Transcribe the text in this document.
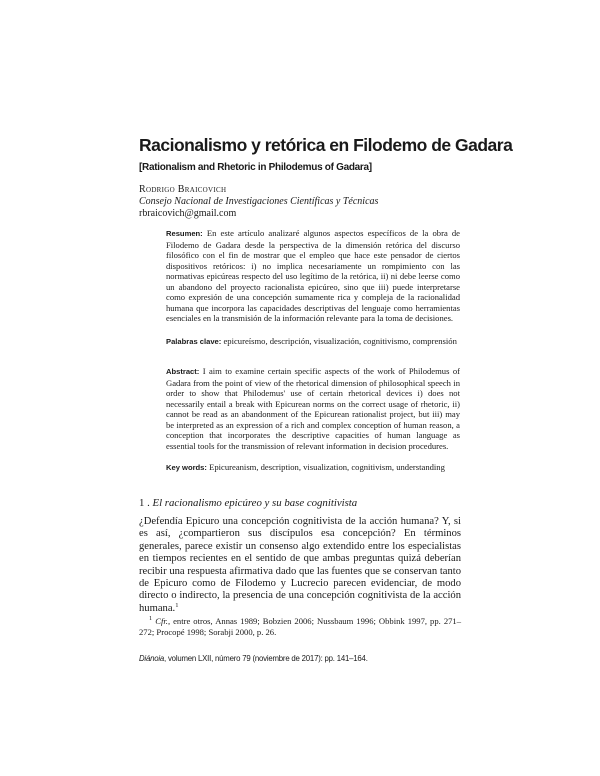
Racionalismo y retórica en Filodemo de Gadara
[Rationalism and Rhetoric in Philodemus of Gadara]
Rodrigo Braicovich
Consejo Nacional de Investigaciones Científicas y Técnicas
rbraicovich@gmail.com
Resumen: En este artículo analizaré algunos aspectos específicos de la obra de Filodemo de Gadara desde la perspectiva de la dimensión retórica del discurso filosófico con el fin de mostrar que el empleo que hace este pensador de ciertos dispositivos retóricos: i) no implica necesariamente un rompimiento con las normativas epicúreas respecto del uso legítimo de la retórica, ii) ni debe leerse como un abandono del proyecto racionalista epicúreo, sino que iii) puede interpretarse como expresión de una concepción sumamente rica y compleja de la racionalidad humana que incorpora las capacidades descriptivas del lenguaje como herramientas esenciales en la transmisión de la información relevante para la toma de decisiones.
Palabras clave: epicureísmo, descripción, visualización, cognitivismo, comprensión
Abstract: I aim to examine certain specific aspects of the work of Philodemus of Gadara from the point of view of the rhetorical dimension of philosophical speech in order to show that Philodemus' use of certain rhetorical devices i) does not necessarily entail a break with Epicurean norms on the correct usage of rhetoric, ii) cannot be read as an abandonment of the Epicurean rationalist project, but iii) may be interpreted as an expression of a rich and complex conception of human reason, a conception that incorporates the descriptive capacities of human language as essential tools for the transmission of relevant information in decision procedures.
Key words: Epicureanism, description, visualization, cognitivism, understanding
1 . El racionalismo epicúreo y su base cognitivista
¿Defendía Epicuro una concepción cognitivista de la acción humana? Y, si es así, ¿compartieron sus discípulos esa concepción? En términos generales, parece existir un consenso algo extendido entre los especialistas en tiempos recientes en el sentido de que ambas preguntas quizá deberían recibir una respuesta afirmativa dado que las fuentes que se conservan tanto de Epicuro como de Filodemo y Lucrecio parecen evidenciar, de modo directo o indirecto, la presencia de una concepción cognitivista de la acción humana.$^1$
$^1$ Cfr., entre otros, Annas 1989; Bobzien 2006; Nussbaum 1996; Obbink 1997, pp. 271–272; Procopé 1998; Sorabji 2000, p. 26.
Diánoia, volumen LXII, número 79 (noviembre de 2017): pp. 141–164.
